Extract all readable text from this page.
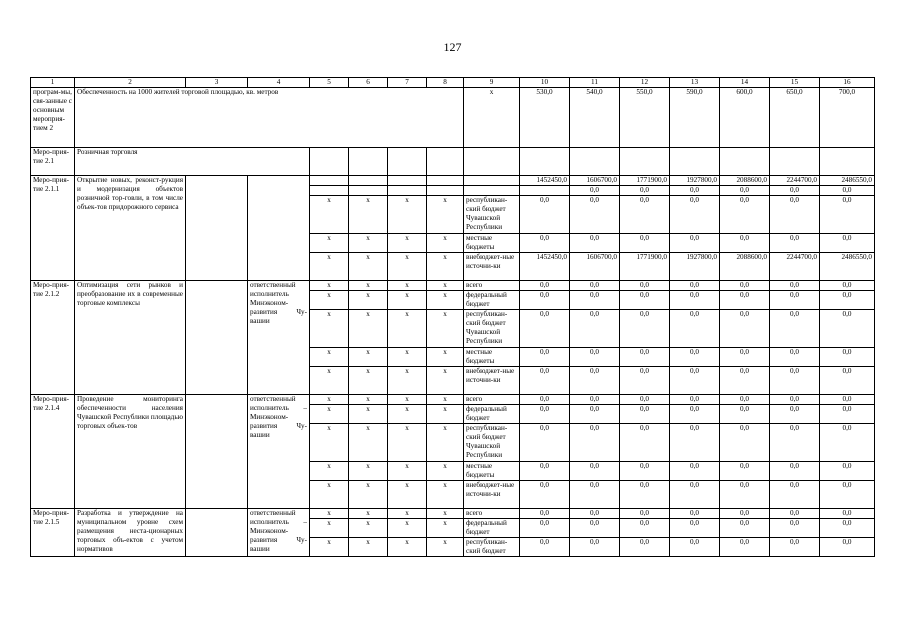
127
1	2	3	4	5	6	7	8	9	10	11	12	13	14	15	16
програм-мы, свя-занные с основным мероприя-тием 2	Обеспеченность на 1000 жителей торговой площадью, кв. метров							х	530,0	540,0	550,0	590,0	600,0	650,0	700,0
Меро-прия-тие 2.1	Розничная торговля														
Меро-прия-тие 2.1.1	Открытие новых, реконст-рукция и модернизация объектов розничной тор-говли, в том числе объек-тов придорожного сервиса								1452450,0	1606700,0	1771900,0	1927800,0	2088600,0	2244700,0	2486550,0
										0,0	0,0	0,0	0,0	0,0	0,0
				х	х	х	х	республикан-ский бюджет Чувашской Республики	0,0	0,0	0,0	0,0	0,0	0,0	0,0
				х	х	х	х	местные бюджеты	0,0	0,0	0,0	0,0	0,0	0,0	0,0
				х	х	х	х	внебюджет-ные источни-ки	1452450,0	1606700,0	1771900,0	1927800,0	2088600,0	2244700,0	2486550,0
Меро-прия-тие 2.1.2	Оптимизация сети рынков и преобразование их в современные торговые комплексы		ответственный исполнитель Минэконом-развития Чу-вашии	х	х	х	х	всего	0,0	0,0	0,0	0,0	0,0	0,0	0,0
				х	х	х	х	федеральный бюджет	0,0	0,0	0,0	0,0	0,0	0,0	0,0
				х	х	х	х	республикан-ский бюджет Чувашской Республики	0,0	0,0	0,0	0,0	0,0	0,0	0,0
				х	х	х	х	местные бюджеты	0,0	0,0	0,0	0,0	0,0	0,0	0,0
				х	х	х	х	внебюджет-ные источни-ки	0,0	0,0	0,0	0,0	0,0	0,0	0,0
Меро-прия-тие 2.1.4	Проведение мониторинга обеспеченности населения Чувашской Республики площадью торговых объек-тов		ответственный исполнитель – Минэконом-развития Чу-вашии	х	х	х	х	всего	0,0	0,0	0,0	0,0	0,0	0,0	0,0
				х	х	х	х	федеральный бюджет	0,0	0,0	0,0	0,0	0,0	0,0	0,0
				х	х	х	х	республикан-ский бюджет Чувашской Республики	0,0	0,0	0,0	0,0	0,0	0,0	0,0
				х	х	х	х	местные бюджеты	0,0	0,0	0,0	0,0	0,0	0,0	0,0
				х	х	х	х	внебюджет-ные источни-ки	0,0	0,0	0,0	0,0	0,0	0,0	0,0
Меро-прия-тие 2.1.5	Разработка и утверждение на муниципальном уровне схем размещения неста-ционарных торговых объ-ектов с учетом нормативов		ответственный исполнитель – Минэконом-развития Чу-вашии	х	х	х	х	всего	0,0	0,0	0,0	0,0	0,0	0,0	0,0
				х	х	х	х	федеральный бюджет	0,0	0,0	0,0	0,0	0,0	0,0	0,0
				х	х	х	х	республикан-ский бюджет	0,0	0,0	0,0	0,0	0,0	0,0	0,0
